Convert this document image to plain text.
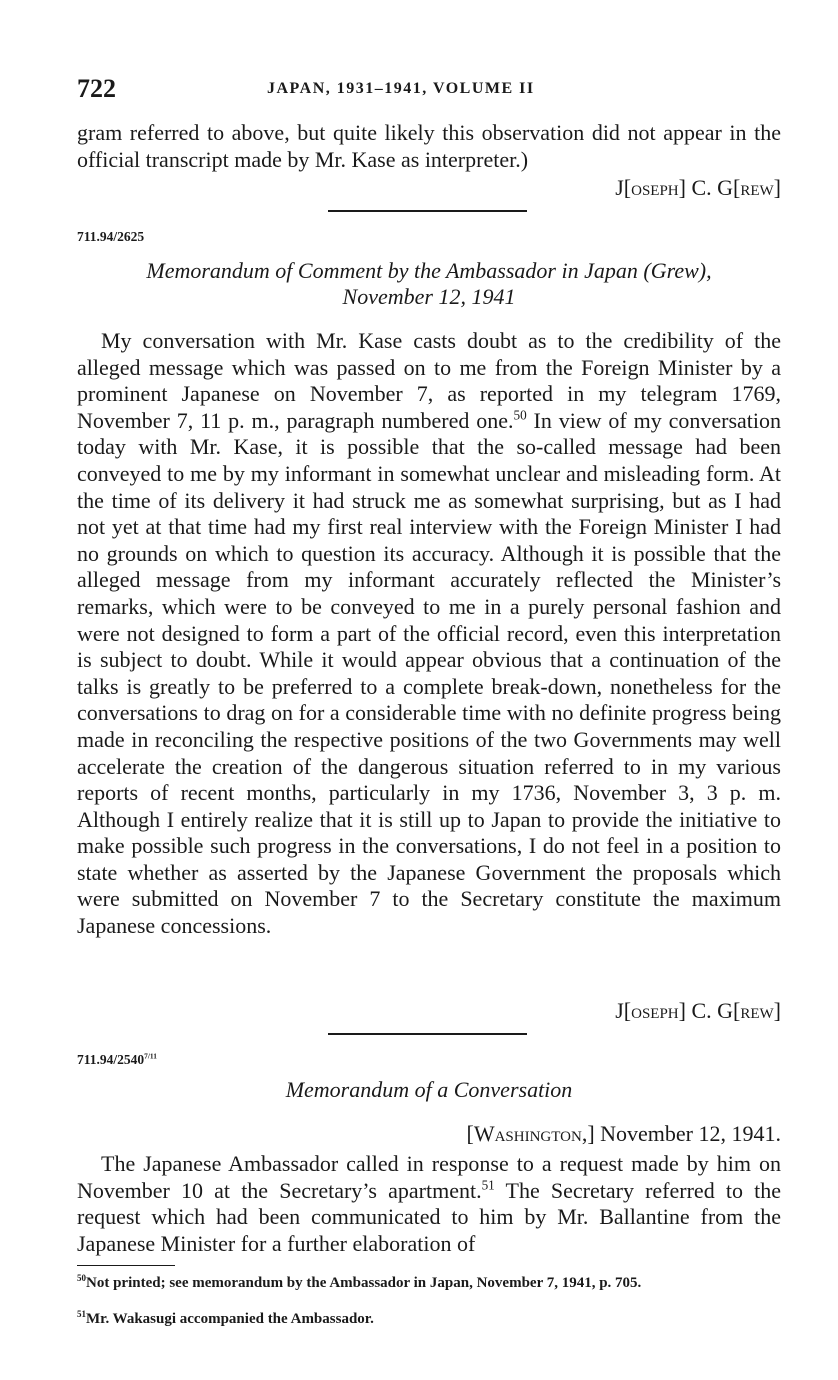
722	JAPAN, 1931–1941, VOLUME II

gram referred to above, but quite likely this observation did not appear in the official transcript made by Mr. Kase as interpreter.)

J[oseph] C. G[rew]
711.94/2625
Memorandum of Comment by the Ambassador in Japan (Grew),
November 12, 1941

My conversation with Mr. Kase casts doubt as to the credibility of the alleged message which was passed on to me from the Foreign Minister by a prominent Japanese on November 7, as reported in my telegram 1769, November 7, 11 p. m., paragraph numbered one.$^{50}$ In view of my conversation today with Mr. Kase, it is possible that the so-called message had been conveyed to me by my informant in somewhat unclear and misleading form. At the time of its delivery it had struck me as somewhat surprising, but as I had not yet at that time had my first real interview with the Foreign Minister I had no grounds on which to question its accuracy. Although it is possible that the alleged message from my informant accurately reflected the Minister’s remarks, which were to be conveyed to me in a purely personal fashion and were not designed to form a part of the official record, even this interpretation is subject to doubt. While it would appear obvious that a continuation of the talks is greatly to be preferred to a complete break-down, nonetheless for the conversations to drag on for a considerable time with no definite progress being made in reconciling the respective positions of the two Governments may well accelerate the creation of the dangerous situation referred to in my various reports of recent months, particularly in my 1736, November 3, 3 p. m. Although I entirely realize that it is still up to Japan to provide the initiative to make possible such progress in the conversations, I do not feel in a position to state whether as asserted by the Japanese Government the proposals which were submitted on November 7 to the Secretary constitute the maximum Japanese concessions.

J[oseph] C. G[rew]
$711.94/2540^{7/11}$
Memorandum of a Conversation
[Washington,] November 12, 1941.

The Japanese Ambassador called in response to a request made by him on November 10 at the Secretary’s apartment.$^{51}$ The Secretary referred to the request which had been communicated to him by Mr. Ballantine from the Japanese Minister for a further elaboration of

$^{50}$Not printed; see memorandum by the Ambassador in Japan, November 7, 1941, p. 705.
$^{51}$Mr. Wakasugi accompanied the Ambassador.
